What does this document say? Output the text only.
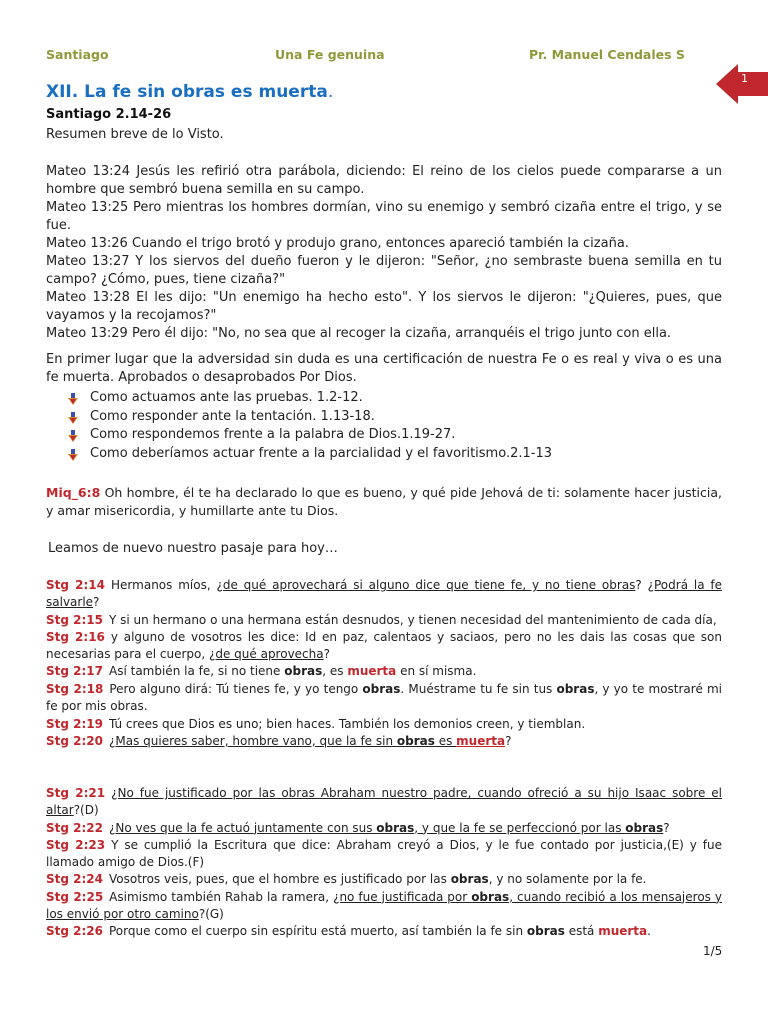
Santiago	Una Fe genuina	Pr. Manuel Cendales S
1
XII. La fe sin obras es muerta.
Santiago 2.14-26
Resumen breve de lo Visto.

Mateo 13:24 Jesús les refirió otra parábola, diciendo: El reino de los cielos puede compararse a un hombre que sembró buena semilla en su campo.

Mateo 13:25 Pero mientras los hombres dormían, vino su enemigo y sembró cizaña entre el trigo, y se fue.

Mateo 13:26 Cuando el trigo brotó y produjo grano, entonces apareció también la cizaña.

Mateo 13:27 Y los siervos del dueño fueron y le dijeron: "Señor, ¿no sembraste buena semilla en tu campo? ¿Cómo, pues, tiene cizaña?"

Mateo 13:28 El les dijo: "Un enemigo ha hecho esto". Y los siervos le dijeron: "¿Quieres, pues, que vayamos y la recojamos?"

Mateo 13:29 Pero él dijo: "No, no sea que al recoger la cizaña, arranquéis el trigo junto con ella.

En primer lugar que la adversidad sin duda es una certificación de nuestra Fe o es real y viva o es una fe muerta. Aprobados o desaprobados Por Dios.

Como actuamos ante las pruebas. 1.2-12.
Como responder ante la tentación. 1.13-18.
Como respondemos frente a la palabra de Dios.1.19-27.
Como deberíamos actuar frente a la parcialidad y el favoritismo.2.1-13

Miq_6:8 Oh hombre, él te ha declarado lo que es bueno, y qué pide Jehová de ti: solamente hacer justicia, y amar misericordia, y humillarte ante tu Dios.

Leamos de nuevo nuestro pasaje para hoy…

Stg 2:14 Hermanos míos, ¿de qué aprovechará si alguno dice que tiene fe, y no tiene obras? ¿Podrá la fe salvarle?

Stg 2:15 Y si un hermano o una hermana están desnudos, y tienen necesidad del mantenimiento de cada día,

Stg 2:16 y alguno de vosotros les dice: Id en paz, calentaos y saciaos, pero no les dais las cosas que son necesarias para el cuerpo, ¿de qué aprovecha?

Stg 2:17 Así también la fe, si no tiene obras, es muerta en sí misma.

Stg 2:18 Pero alguno dirá: Tú tienes fe, y yo tengo obras. Muéstrame tu fe sin tus obras, y yo te mostraré mi fe por mis obras.

Stg 2:19 Tú crees que Dios es uno; bien haces. También los demonios creen, y tiemblan.

Stg 2:20 ¿Mas quieres saber, hombre vano, que la fe sin obras es muerta?

Stg 2:21 ¿No fue justificado por las obras Abraham nuestro padre, cuando ofreció a su hijo Isaac sobre el altar?(D)

Stg 2:22 ¿No ves que la fe actuó juntamente con sus obras, y que la fe se perfeccionó por las obras?

Stg 2:23 Y se cumplió la Escritura que dice: Abraham creyó a Dios, y le fue contado por justicia,(E) y fue llamado amigo de Dios.(F)

Stg 2:24 Vosotros veis, pues, que el hombre es justificado por las obras, y no solamente por la fe.

Stg 2:25 Asimismo también Rahab la ramera, ¿no fue justificada por obras, cuando recibió a los mensajeros y los envió por otro camino?(G)

Stg 2:26 Porque como el cuerpo sin espíritu está muerto, así también la fe sin obras está muerta.

1/5
